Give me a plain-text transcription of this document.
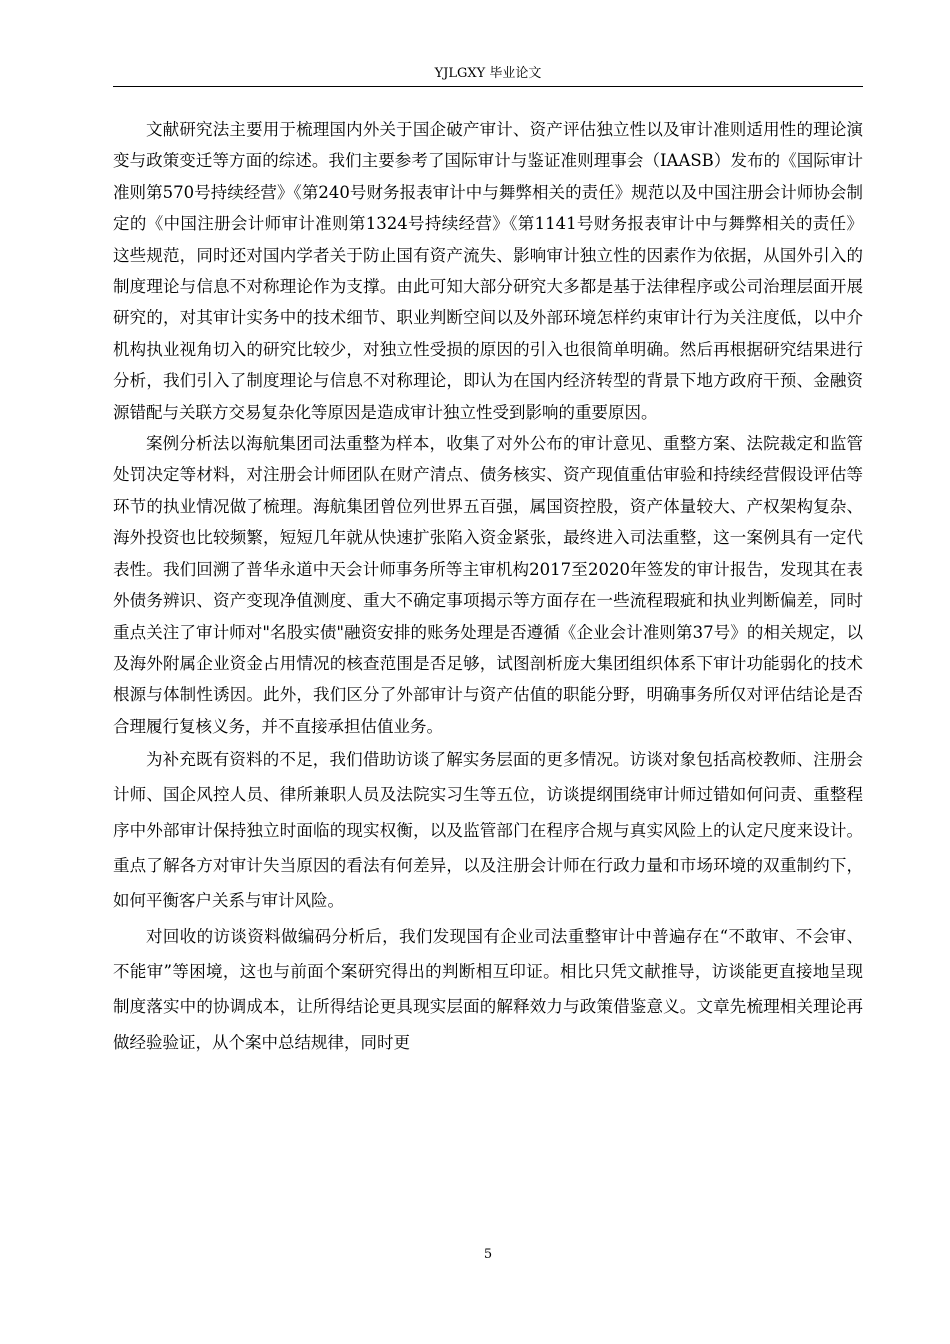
YJLGXY 毕业论文

文献研究法主要用于梳理国内外关于国企破产审计、资产评估独立性以及审计准则适用性的理论演变与政策变迁等方面的综述。我们主要参考了国际审计与鉴证准则理事会（IAASB）发布的《国际审计准则第570号持续经营》《第240号财务报表审计中与舞弊相关的责任》规范以及中国注册会计师协会制定的《中国注册会计师审计准则第1324号持续经营》《第1141号财务报表审计中与舞弊相关的责任》这些规范，同时还对国内学者关于防止国有资产流失、影响审计独立性的因素作为依据，从国外引入的制度理论与信息不对称理论作为支撑。由此可知大部分研究大多都是基于法律程序或公司治理层面开展研究的，对其审计实务中的技术细节、职业判断空间以及外部环境怎样约束审计行为关注度低，以中介机构执业视角切入的研究比较少，对独立性受损的原因的引入也很简单明确。然后再根据研究结果进行分析，我们引入了制度理论与信息不对称理论，即认为在国内经济转型的背景下地方政府干预、金融资源错配与关联方交易复杂化等原因是造成审计独立性受到影响的重要原因。

案例分析法以海航集团司法重整为样本，收集了对外公布的审计意见、重整方案、法院裁定和监管处罚决定等材料，对注册会计师团队在财产清点、债务核实、资产现值重估审验和持续经营假设评估等环节的执业情况做了梳理。海航集团曾位列世界五百强，属国资控股，资产体量较大、产权架构复杂、海外投资也比较频繁，短短几年就从快速扩张陷入资金紧张，最终进入司法重整，这一案例具有一定代表性。我们回溯了普华永道中天会计师事务所等主审机构2017至2020年签发的审计报告，发现其在表外债务辨识、资产变现净值测度、重大不确定事项揭示等方面存在一些流程瑕疵和执业判断偏差，同时重点关注了审计师对"名股实债"融资安排的账务处理是否遵循《企业会计准则第37号》的相关规定，以及海外附属企业资金占用情况的核查范围是否足够，试图剖析庞大集团组织体系下审计功能弱化的技术根源与体制性诱因。此外，我们区分了外部审计与资产估值的职能分野，明确事务所仅对评估结论是否合理履行复核义务，并不直接承担估值业务。

为补充既有资料的不足，我们借助访谈了解实务层面的更多情况。访谈对象包括高校教师、注册会计师、国企风控人员、律所兼职人员及法院实习生等五位，访谈提纲围绕审计师过错如何问责、重整程序中外部审计保持独立时面临的现实权衡，以及监管部门在程序合规与真实风险上的认定尺度来设计。重点了解各方对审计失当原因的看法有何差异，以及注册会计师在行政力量和市场环境的双重制约下，如何平衡客户关系与审计风险。

对回收的访谈资料做编码分析后，我们发现国有企业司法重整审计中普遍存在“不敢审、不会审、不能审”等困境，这也与前面个案研究得出的判断相互印证。相比只凭文献推导，访谈能更直接地呈现制度落实中的协调成本，让所得结论更具现实层面的解释效力与政策借鉴意义。文章先梳理相关理论再做经验验证，从个案中总结规律，同时更

5
